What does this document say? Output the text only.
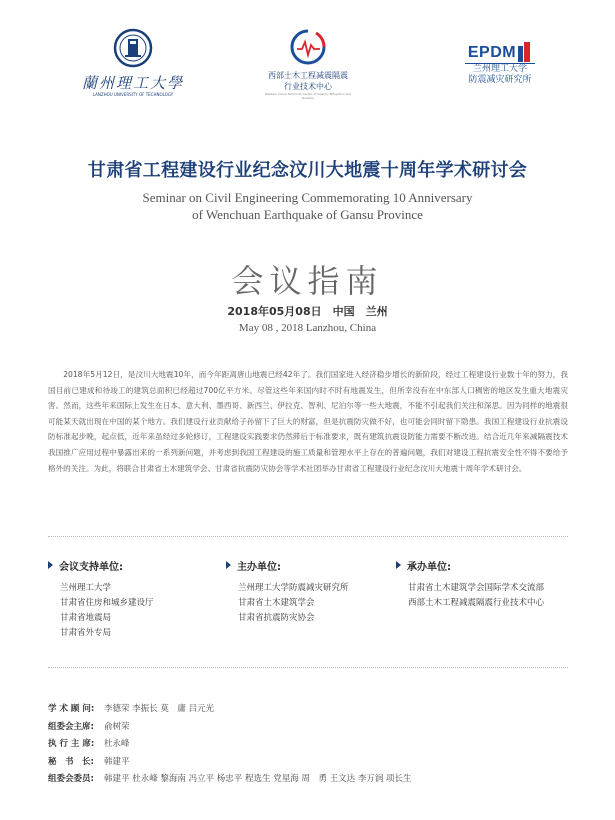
蘭州理工大學
LANZHOU UNIVERSITY OF TECHNOLOGY
西部土木工程减震隔震
行业技术中心
Western China Technical Center of Seismic Mitigation and Isolation
EPDM
兰州理工大学
防震减灾研究所
甘肃省工程建设行业纪念汶川大地震十周年学术研讨会
Seminar on Civil Engineering Commemorating 10 Anniversary
of Wenchuan Earthquake of Gansu Province
会议指南
2018年05月08日　中国　兰州
May 08 , 2018 Lanzhou, China

2018年5月12日，是汶川大地震10年，而今年距离唐山地震已经42年了。我们国家进入经济稳步增长的新阶段，经过工程建设行业数十年的努力，我国目前已建成和待竣工的建筑总面积已经超过700亿平方米。尽管这些年来国内时不时有地震发生，但所幸没有在中东部人口稠密的地区发生重大地震灾害。然而，这些年来国际上发生在日本、意大利、墨西哥、新西兰、伊拉克、智利、尼泊尔等一些大地震，不能不引起我们关注和深思。因为同样的地震很可能某天就出现在中国的某个地方。我们建设行业贡献给子孙留下了巨大的财富，但是抗震防灾做不好，也可能会同时留下隐患。我国工程建设行业抗震设防标准起步晚，起点低，近年来虽经过多轮修订，工程建设实践要求仍然滞后于标准要求，既有建筑抗震设防能力需要不断改进。结合近几年来减隔震技术我国推广应用过程中暴露出来的一系列新问题，并考虑到我国工程建设的施工质量和管理水平上存在的普遍问题，我们对建设工程抗震安全性不得不要给予格外的关注。为此，将联合甘肃省土木建筑学会、甘肃省抗震防灾协会等学术社团举办甘肃省工程建设行业纪念汶川大地震十周年学术研讨会。

会议支持单位:
兰州理工大学
甘肃省住房和城乡建设厅
甘肃省地震局
甘肃省外专局
主办单位:
兰州理工大学防震减灾研究所
甘肃省土木建筑学会
甘肃省抗震防灾协会
承办单位:
甘肃省土木建筑学会国际学术交流部
西部土木工程减震隔震行业技术中心
学 术 顾 问: 李德荣 李振长 莫　庸 吕元光
组委会主席: 俞树荣
执 行 主 席: 杜永峰
秘　书　长: 韩建平
组委会委员: 韩建平 杜永峰 黎海南 冯立平 杨忠平 程选生 党星海 周　勇 王文达 李万润 项长生
